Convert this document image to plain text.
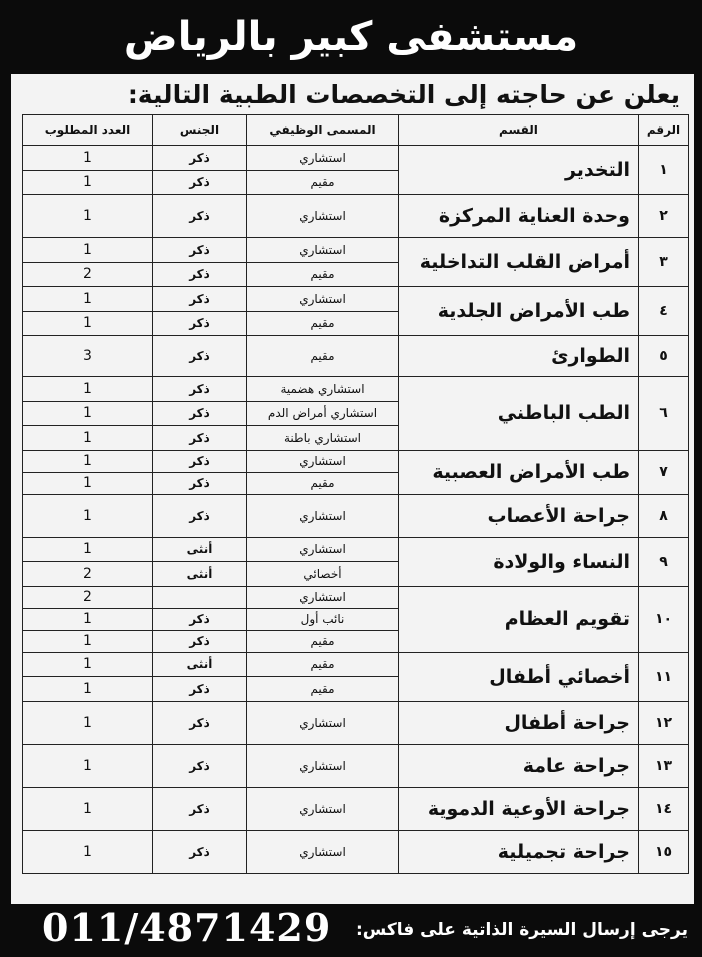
مستشفى كبير بالرياض
يعلن عن حاجته إلى التخصصات الطبية التالية:
الرقم	القسم	المسمى الوظيفي	الجنس	العدد المطلوب
١	التخدير	استشاري	ذكر	1
		مقيم	ذكر	1
٢	وحدة العناية المركزة	استشاري	ذكر	1
٣	أمراض القلب التداخلية	استشاري	ذكر	1
		مقيم	ذكر	2
٤	طب الأمراض الجلدية	استشاري	ذكر	1
		مقيم	ذكر	1
٥	الطوارئ	مقيم	ذكر	3
٦	الطب الباطني	استشاري هضمية	ذكر	1
		استشاري أمراض الدم	ذكر	1
		استشاري باطنة	ذكر	1
٧	طب الأمراض العصبية	استشاري	ذكر	1
		مقيم	ذكر	1
٨	جراحة الأعصاب	استشاري	ذكر	1
٩	النساء والولادة	استشاري	أنثى	1
		أخصائي	أنثى	2
١٠	تقويم العظام	استشاري		2
		نائب أول	ذكر	1
		مقيم	ذكر	1
١١	أخصائي أطفال	مقيم	أنثى	1
		مقيم	ذكر	1
١٢	جراحة أطفال	استشاري	ذكر	1
١٣	جراحة عامة	استشاري	ذكر	1
١٤	جراحة الأوعية الدموية	استشاري	ذكر	1
١٥	جراحة تجميلية	استشاري	ذكر	1
يرجى إرسال السيرة الذاتية على فاكس:
011/4871429
